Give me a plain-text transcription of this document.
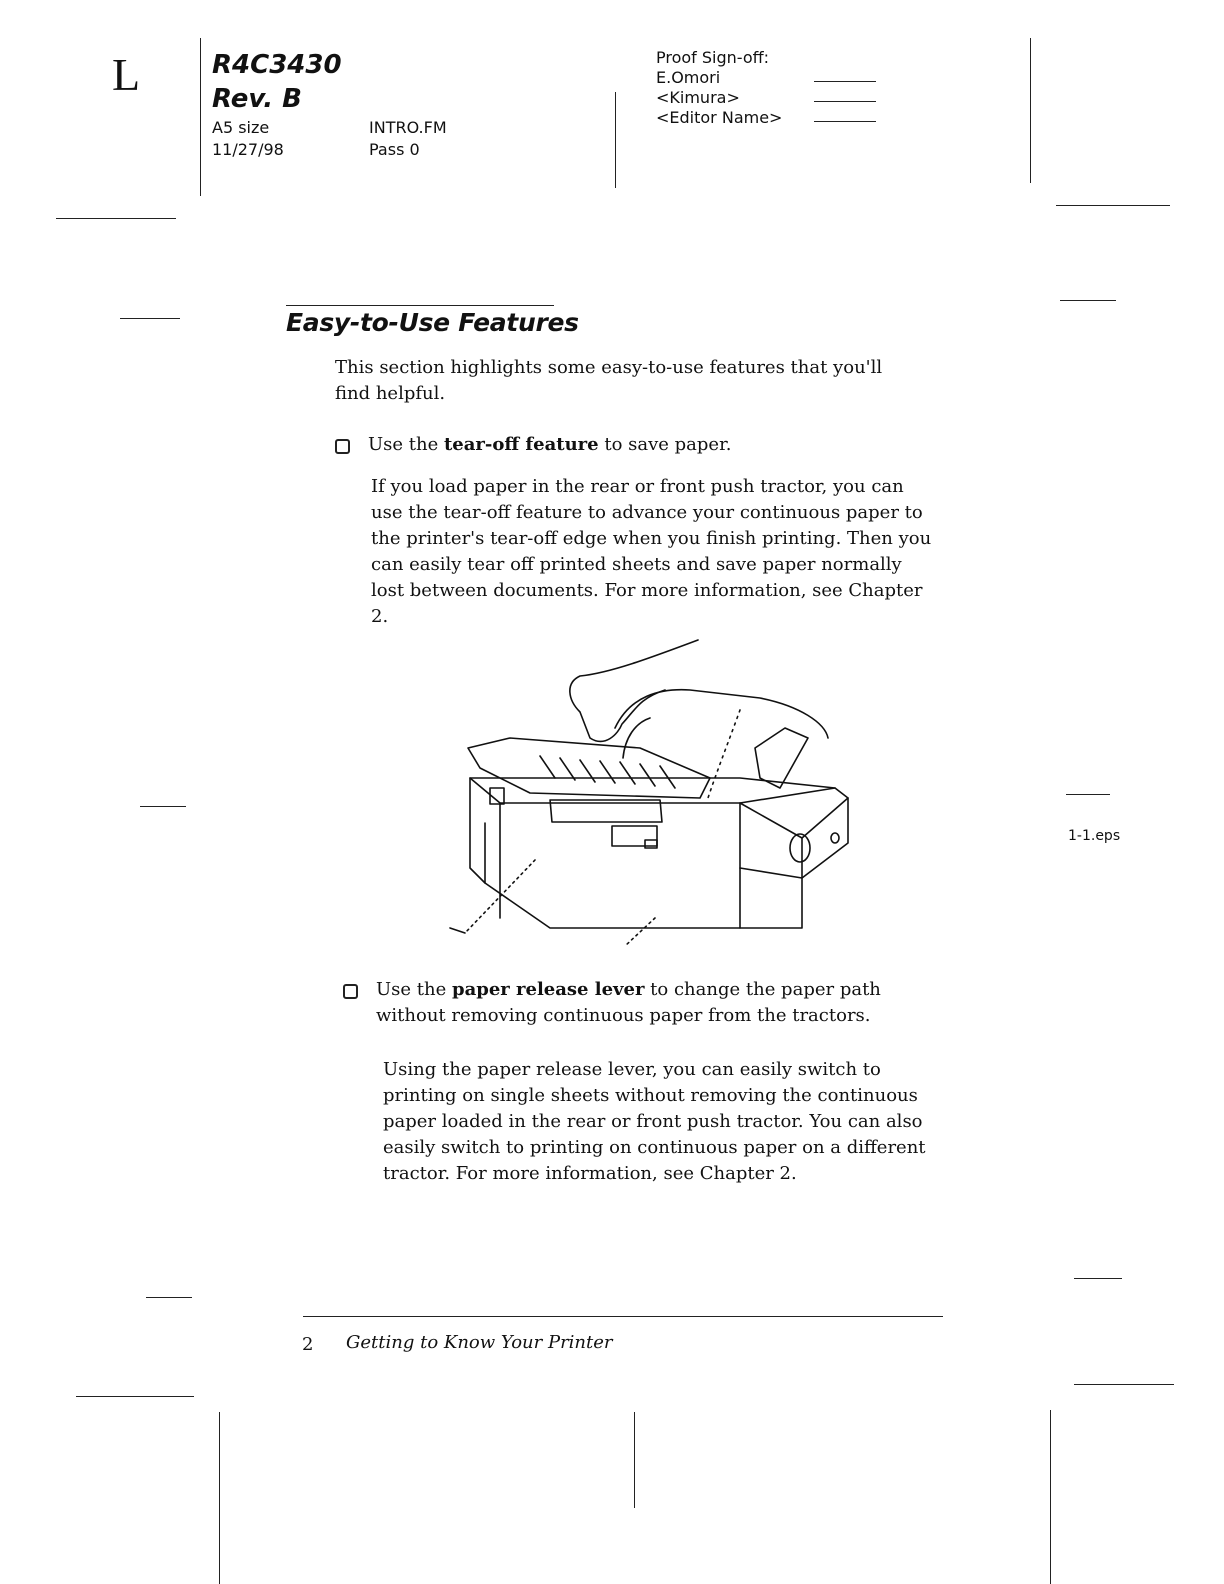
L	R4C3430
Rev. B
A5 size
11/27/98
INTRO.FM
Pass 0
Proof Sign-off:
E.Omori
<Kimura>
<Editor Name>
Easy-to-Use Features
This section highlights some easy-to-use features that you'll find helpful.
Use the tear-off feature to save paper.
If you load paper in the rear or front push tractor, you can use the tear-off feature to advance your continuous paper to the printer's tear-off edge when you finish printing. Then you can easily tear off printed sheets and save paper normally lost between documents. For more information, see Chapter 2.
1-1.eps
Use the paper release lever to change the paper path without removing continuous paper from the tractors.
Using the paper release lever, you can easily switch to printing on single sheets without removing the continuous paper loaded in the rear or front push tractor. You can also easily switch to printing on continuous paper on a different tractor. For more information, see Chapter 2.
2 Getting to Know Your Printer
